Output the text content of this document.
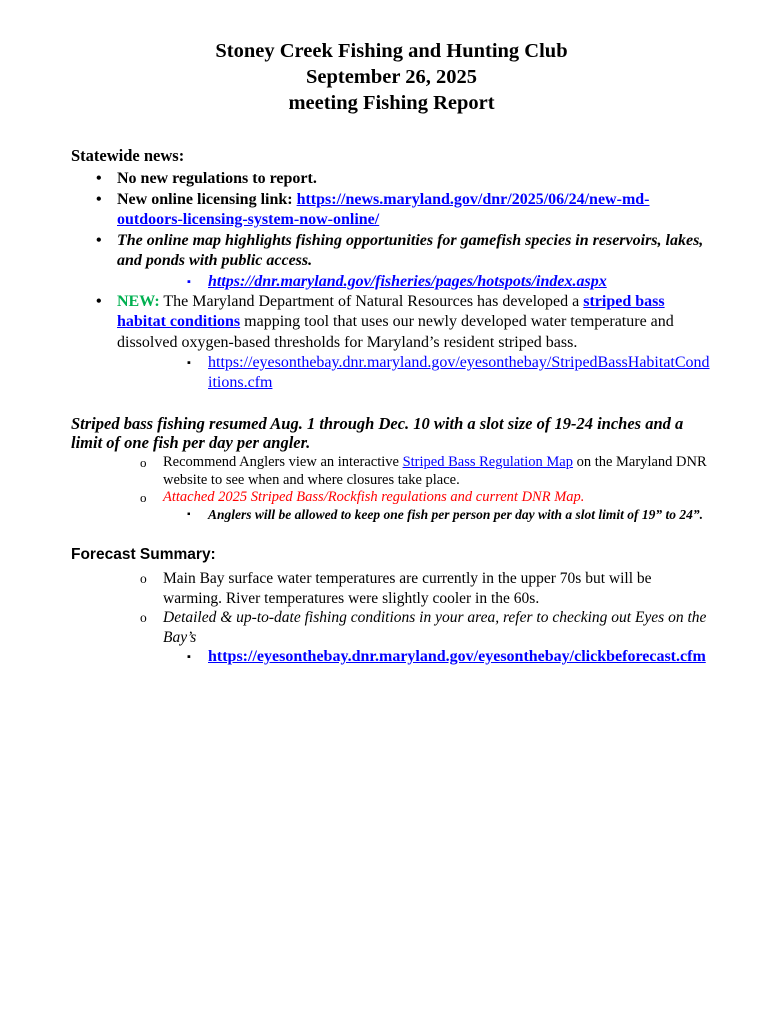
Stoney Creek Fishing and Hunting Club
September 26, 2025
meeting Fishing Report
Statewide news:
• No new regulations to report.
• New online licensing link: https://news.maryland.gov/dnr/2025/06/24/new-md-outdoors-licensing-system-now-online/
• The online map highlights fishing opportunities for gamefish species in reservoirs, lakes, and ponds with public access.
▪	https://dnr.maryland.gov/fisheries/pages/hotspots/index.aspx
• NEW: The Maryland Department of Natural Resources has developed a striped bass habitat conditions mapping tool that uses our newly developed water temperature and dissolved oxygen-based thresholds for Maryland’s resident striped bass.
▪	https://eyesonthebay.dnr.maryland.gov/eyesonthebay/StripedBassHabitatConditions.cfm
Striped bass fishing resumed Aug. 1 through Dec. 10 with a slot size of 19-24 inches and a limit of one fish per day per angler.
o	Recommend Anglers view an interactive Striped Bass Regulation Map on the Maryland DNR website to see when and where closures take place.
o	Attached 2025 Striped Bass/Rockfish regulations and current DNR Map.
▪	Anglers will be allowed to keep one fish per person per day with a slot limit of 19” to 24”.
Forecast Summary:
o	Main Bay surface water temperatures are currently in the upper 70s but will be warming. River temperatures were slightly cooler in the 60s.
o	Detailed & up-to-date fishing conditions in your area, refer to checking out Eyes on the Bay’s
▪	https://eyesonthebay.dnr.maryland.gov/eyesonthebay/clickbeforecast.cfm
